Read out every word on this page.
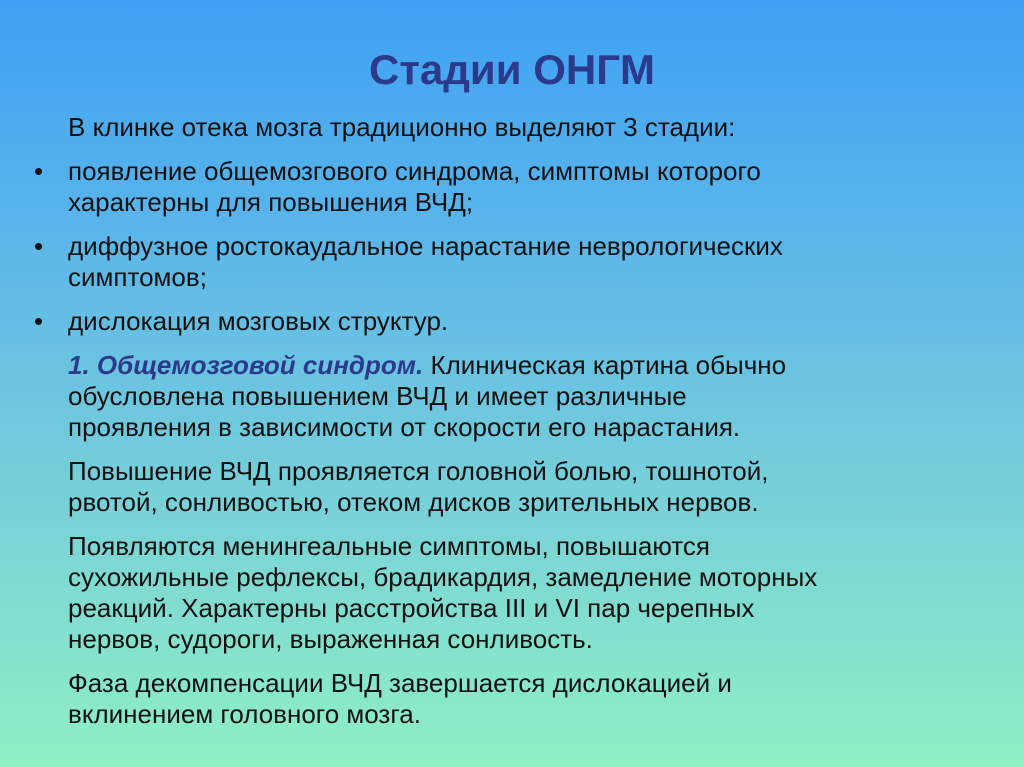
Стадии ОНГМ
В клинке отека мозга традиционно выделяют 3 стадии:
• появление общемозгового синдрома, симптомы которого
характерны для повышения ВЧД;
• диффузное ростокаудальное нарастание неврологических
симптомов;
• дислокация мозговых структур.
1. Общемозговой синдром. Клиническая картина обычно
обусловлена повышением ВЧД и имеет различные
проявления в зависимости от скорости его нарастания.
Повышение ВЧД проявляется головной болью, тошнотой,
рвотой, сонливостью, отеком дисков зрительных нервов.
Появляются менингеальные симптомы, повышаются
сухожильные рефлексы, брадикардия, замедление моторных
реакций. Характерны расстройства III и VI пар черепных
нервов, судороги, выраженная сонливость.
Фаза декомпенсации ВЧД завершается дислокацией и
вклинением головного мозга.
